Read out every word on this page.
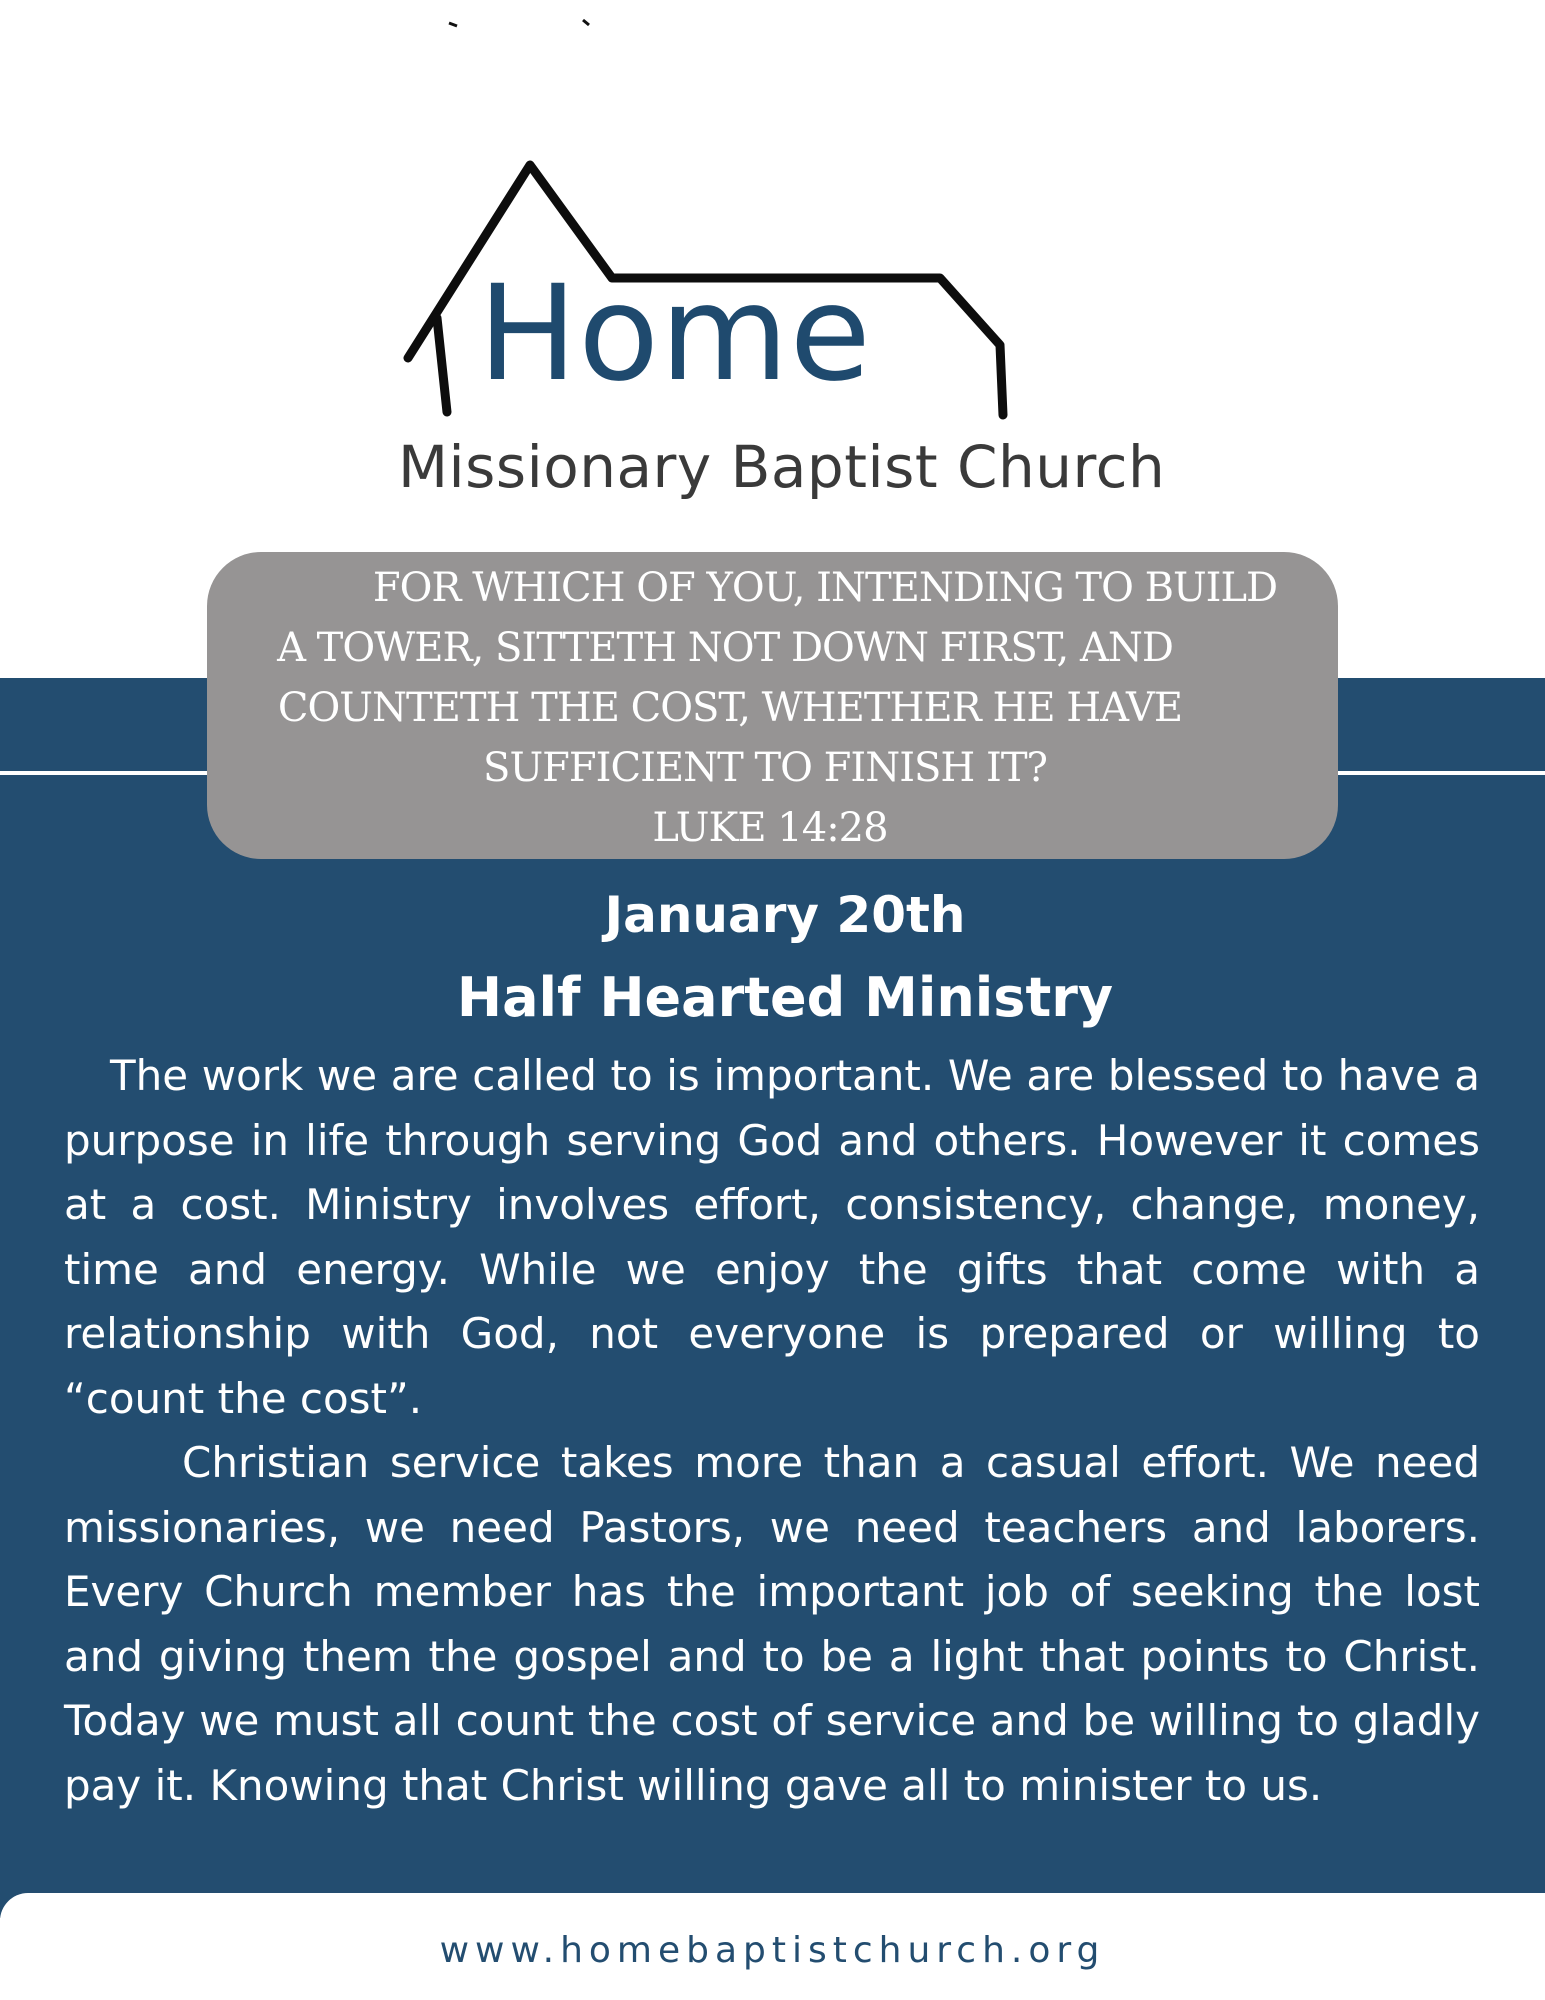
Home
Missionary Baptist Church
FOR WHICH OF YOU, INTENDING TO BUILD
A TOWER, SITTETH NOT DOWN FIRST, AND
COUNTETH THE COST, WHETHER HE HAVE
SUFFICIENT TO FINISH IT?
LUKE 14:28
January 20th
Half Hearted Ministry

The work we are called to is important. We are blessed to have a purpose in life through serving God and others. However it comes at a cost. Ministry involves effort, consistency, change, money, time and energy. While we enjoy the gifts that come with a relationship with God, not everyone is prepared or willing to “count the cost”.

Christian service takes more than a casual effort. We need missionaries, we need Pastors, we need teachers and laborers. Every Church member has the important job of seeking the lost and giving them the gospel and to be a light that points to Christ. Today we must all count the cost of service and be willing to gladly pay it. Knowing that Christ willing gave all to minister to us.

www.homebaptistchurch.org
